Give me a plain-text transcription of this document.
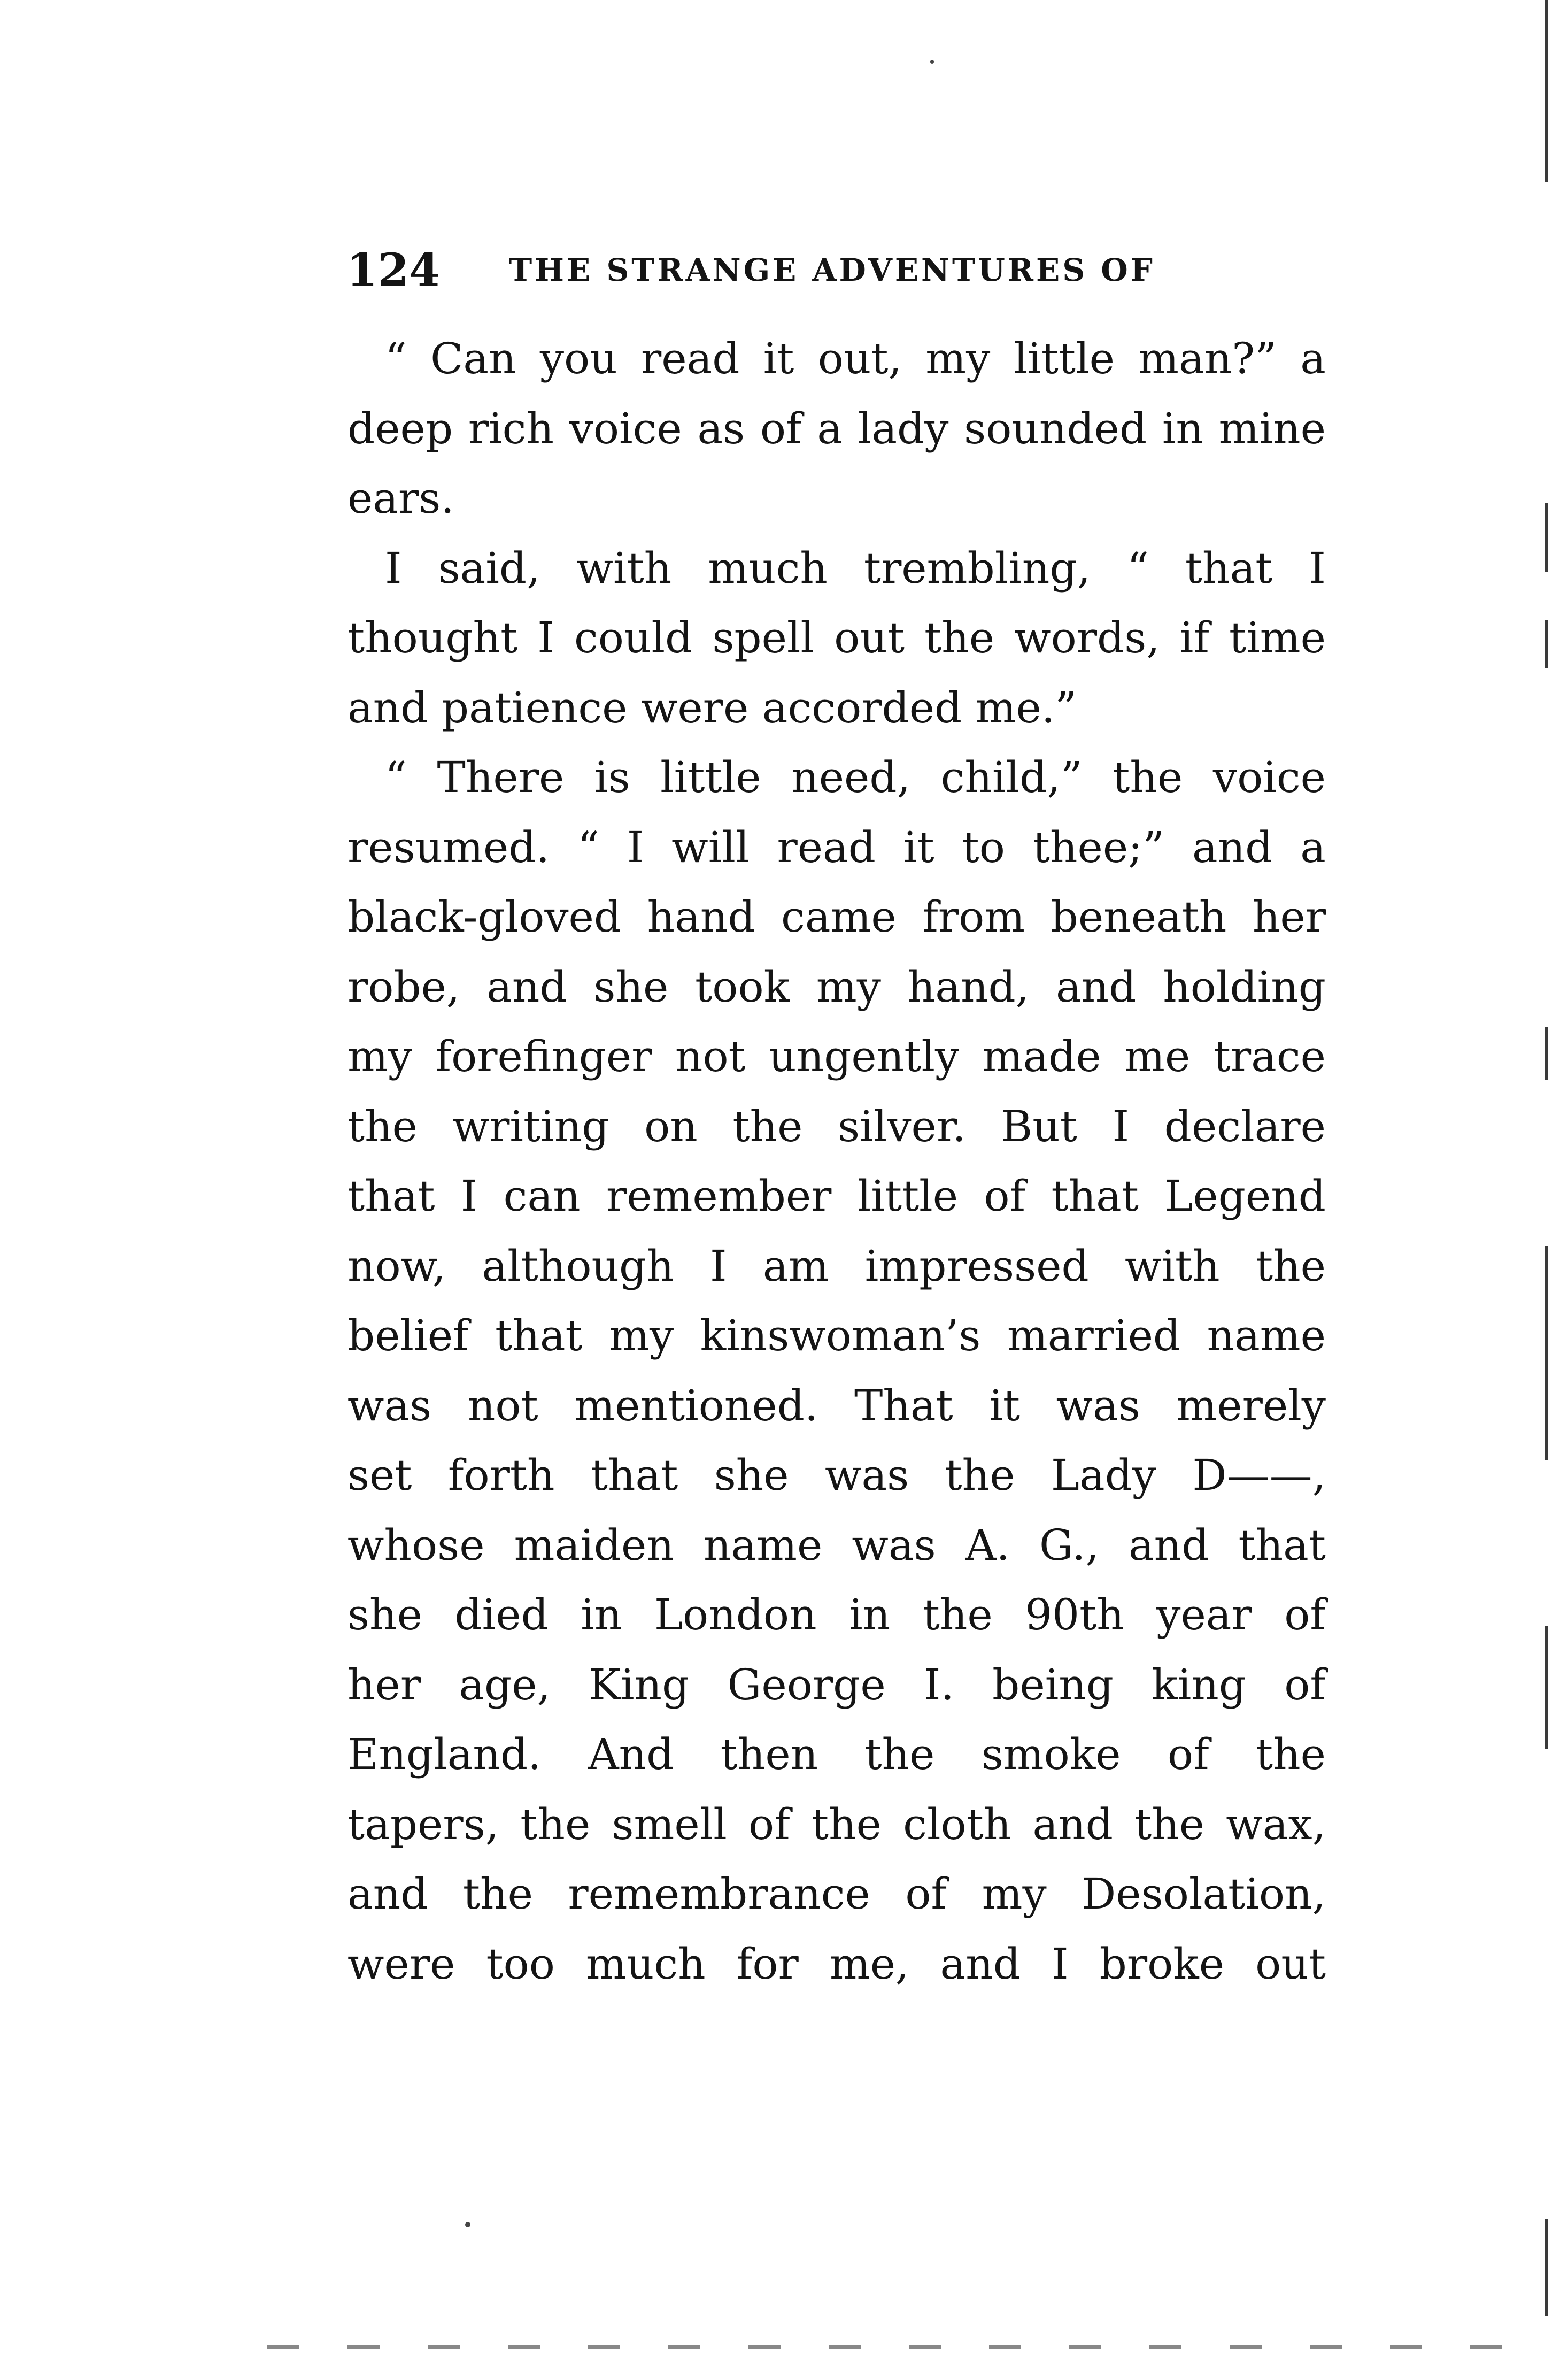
124 THE STRANGE ADVENTURES OF
“ Can you read it out, my little man?” a
deep rich voice as of a lady sounded in mine
ears.
I said, with much trembling, “ that I
thought I could spell out the words, if time
and patience were accorded me.”
“ There is little need, child,” the voice
resumed. “ I will read it to thee;” and a
black-gloved hand came from beneath her
robe, and she took my hand, and holding
my forefinger not ungently made me trace
the writing on the silver. But I declare
that I can remember little of that Legend
now, although I am impressed with the
belief that my kinswoman’s married name
was not mentioned. That it was merely
set forth that she was the Lady D——,
whose maiden name was A. G., and that
she died in London in the 90th year of
her age, King George I. being king of
England. And then the smoke of the
tapers, the smell of the cloth and the wax,
and the remembrance of my Desolation,
were too much for me, and I broke out
